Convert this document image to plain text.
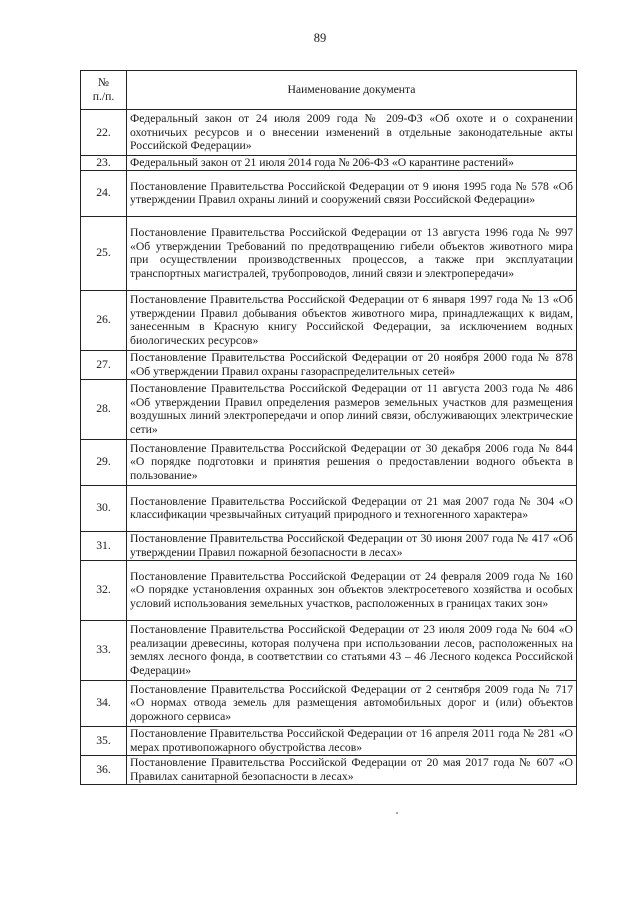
89
№
п./п.	Наименование документа
22.	Федеральный закон от 24 июля 2009 года № 209-ФЗ «Об охоте и о сохранении охотничьих ресурсов и о внесении изменений в отдельные законодательные акты Российской Федерации»
23.	Федеральный закон от 21 июля 2014 года № 206-ФЗ «О карантине растений»
24.	Постановление Правительства Российской Федерации от 9 июня 1995 года № 578 «Об утверждении Правил охраны линий и сооружений связи Российской Федерации»
25.	Постановление Правительства Российской Федерации от 13 августа 1996 года № 997 «Об утверждении Требований по предотвращению гибели объектов животного мира при осуществлении производственных процессов, а также при эксплуатации транспортных магистралей, трубопроводов, линий связи и электропередачи»
26.	Постановление Правительства Российской Федерации от 6 января 1997 года № 13 «Об утверждении Правил добывания объектов животного мира, принадлежащих к видам, занесенным в Красную книгу Российской Федерации, за исключением водных биологических ресурсов»
27.	Постановление Правительства Российской Федерации от 20 ноября 2000 года № 878 «Об утверждении Правил охраны газораспределительных сетей»
28.	Постановление Правительства Российской Федерации от 11 августа 2003 года № 486 «Об утверждении Правил определения размеров земельных участков для размещения воздушных линий электропередачи и опор линий связи, обслуживающих электрические сети»
29.	Постановление Правительства Российской Федерации от 30 декабря 2006 года № 844 «О порядке подготовки и принятия решения о предоставлении водного объекта в пользование»
30.	Постановление Правительства Российской Федерации от 21 мая 2007 года № 304 «О классификации чрезвычайных ситуаций природного и техногенного характера»
31.	Постановление Правительства Российской Федерации от 30 июня 2007 года № 417 «Об утверждении Правил пожарной безопасности в лесах»
32.	Постановление Правительства Российской Федерации от 24 февраля 2009 года № 160 «О порядке установления охранных зон объектов электросетевого хозяйства и особых условий использования земельных участков, расположенных в границах таких зон»
33.	Постановление Правительства Российской Федерации от 23 июля 2009 года № 604 «О реализации древесины, которая получена при использовании лесов, расположенных на землях лесного фонда, в соответствии со статьями 43 – 46 Лесного кодекса Российской Федерации»
34.	Постановление Правительства Российской Федерации от 2 сентября 2009 года № 717 «О нормах отвода земель для размещения автомобильных дорог и (или) объектов дорожного сервиса»
35.	Постановление Правительства Российской Федерации от 16 апреля 2011 года № 281 «О мерах противопожарного обустройства лесов»
36.	Постановление Правительства Российской Федерации от 20 мая 2017 года № 607 «О Правилах санитарной безопасности в лесах»
